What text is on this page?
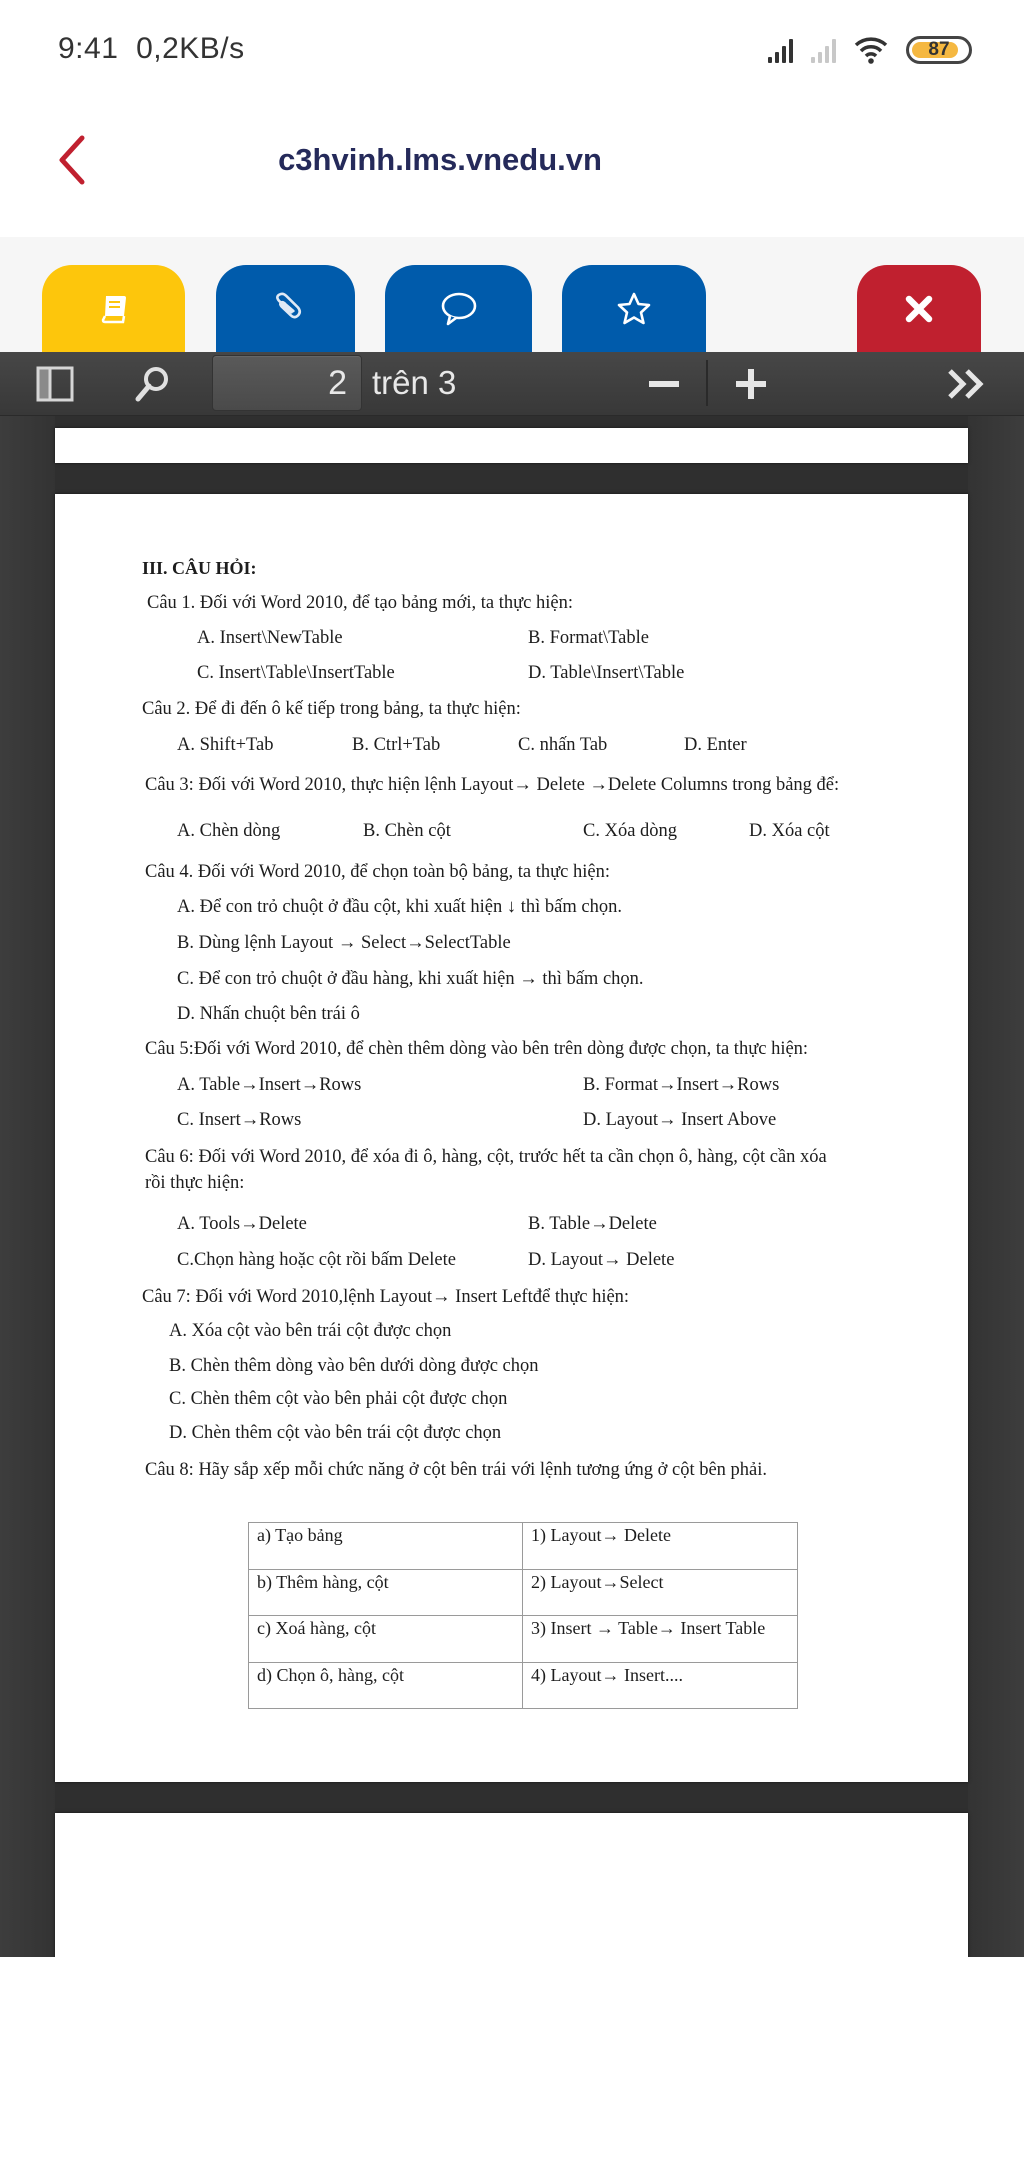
9:41 0,2KB/s	87
c3hvinh.lms.vnedu.vn
2 trên 3
III. CÂU HỎI:
Câu 1. Đối với Word 2010, để tạo bảng mới, ta thực hiện:
A. Insert\NewTable	B. Format\Table
C. Insert\Table\InsertTable	D. Table\Insert\Table
Câu 2. Để đi đến ô kế tiếp trong bảng, ta thực hiện:
A. Shift+Tab	B. Ctrl+Tab	C. nhấn Tab	D. Enter
Câu 3: Đối với Word 2010, thực hiện lệnh Layout→ Delete →Delete Columns trong bảng để:
A. Chèn dòng	B. Chèn cột	C. Xóa dòng	D. Xóa cột
Câu 4. Đối với Word 2010, để chọn toàn bộ bảng, ta thực hiện:
A. Để con trỏ chuột ở đầu cột, khi xuất hiện ↓ thì bấm chọn.
B. Dùng lệnh Layout → Select→SelectTable
C. Để con trỏ chuột ở đầu hàng, khi xuất hiện → thì bấm chọn.
D. Nhấn chuột bên trái ô
Câu 5:Đối với Word 2010, để chèn thêm dòng vào bên trên dòng được chọn, ta thực hiện:
A. Table→Insert→Rows	B. Format→Insert→Rows
C. Insert→Rows	D. Layout→ Insert Above
Câu 6: Đối với Word 2010, để xóa đi ô, hàng, cột, trước hết ta cần chọn ô, hàng, cột cần xóa
rồi thực hiện:
A. Tools→Delete	B. Table→Delete
C.Chọn hàng hoặc cột rồi bấm Delete	D. Layout→ Delete
Câu 7: Đối với Word 2010,lệnh Layout→ Insert Leftđể thực hiện:
A. Xóa cột vào bên trái cột được chọn
B. Chèn thêm dòng vào bên dưới dòng được chọn
C. Chèn thêm cột vào bên phải cột được chọn
D. Chèn thêm cột vào bên trái cột được chọn
Câu 8: Hãy sắp xếp mỗi chức năng ở cột bên trái với lệnh tương ứng ở cột bên phải.
a) Tạo bảng	1) Layout→ Delete
b) Thêm hàng, cột	2) Layout→Select
c) Xoá hàng, cột	3) Insert → Table→ Insert Table
d) Chọn ô, hàng, cột	4) Layout→ Insert....
